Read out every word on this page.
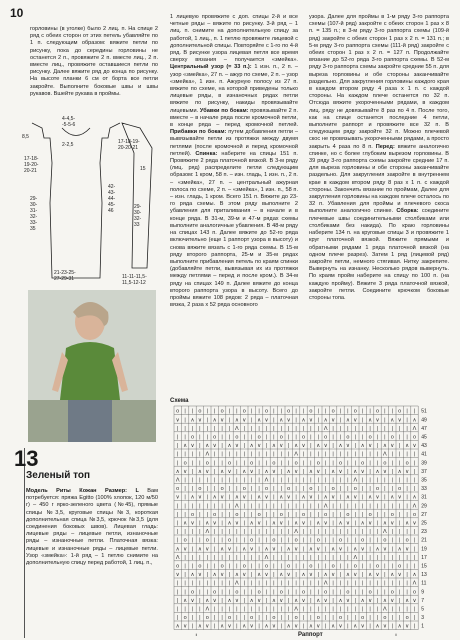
10
горловины (в уголке) было 2 лиц. п. На спице 2 ряд с обеих сторон от этих петель убавляйте по 1 п. следующим образом: вяжите петли по рисунку, пока до середины горловины не останется 2 п., провяжите 2 п. вместе лиц., 2 п. вместе лиц., провяжите оставшиеся петли по рисунку. Далее вяжите ряд до конца по рисунку. На высоте планки 6 см от борта все петли закройте. Выполните боковые швы и швы рукавов. Вшейте рукава в проймы.
4-4,5--5-5-6
8,5
2-2,5
17-18-19-20-20-21
29-30-31-32-33-35
21-23-25-27-29-31
17-18-19-20-20-21
42-43-44-45-46
29-30-32-33
11-11-11,5-11,5-12-12
15
13
Зеленый топ
1 лицевую провяжите с доп. спицы 2-й и все четные ряды – вяжите по рисунку. 3-й ряд – 1 лиц. п. снимите на дополнительную спицу за работой, 1 лиц., п. 1 петлю провяжите лицевой с дополнительной спицы. Повторяйте с 1-го по 4-й ряд. В рисунке узора лицевая петля все время сверху вязания – получается «змейка». Центральный узор (= 33 п.): 1 изн. п., 2 п. – узор «змейка», 27 п. – ажур по схеме, 2 п. – узор «змейка», 1 изн. п. Ажурную полосу из 27 п. вяжите по схеме, на которой приведены только лицевые ряды, в изнаночных рядах петли вяжите по рисунку, накиды провязывайте лицевыми. Убавки по бокам: провязывайте 2 п. вместе – в начале ряда после кромочной петли, в конце ряда – перед кромочной петлей. Прибавки по бокам: путем добавления петли – вывязывайте петли из протяжки между двумя петлями (после кромочной и перед кромочной петлей). Спинка: наберите на спицы 151 п. Провяжите 2 ряда платочной вязкой. В 3-м ряду (лиц. ряд) распределите петли следующим образом: 1 кром, 58 п. – изн. гладь, 1 изн. п., 2 п. – «змейка», 27 п. – центральный ажурная полоса по схеме, 2 п. – «змейка», 1 изн. п., 58 п. – изн. гладь, 1 кром. Всего 151 п. Вяжите до 23-го ряда схемы. В этом ряду выполните 2 убавления для приталивания – в начале и в конце ряда. В 31-м, 39-м и 47-м рядах схемы выполните аналогичные убавления. В 48-м ряду на спицах 143 п. Далее вяжите до 52-го ряда включительно (еще 1 раппорт узора в высоту) и снова вяжите вязать с 1-го ряда схемы. В 15-м ряду второго раппорта, 25-м и 35-м рядах выполните прибавления петель по краям спинки (добавляйте петли, вывязывая их из протяжки между петлями – перед и после кром.). В 34-м ряду на спицах 149 п. Далее вяжите до конца второго раппорта узора в высоту. Всего до проймы вяжите 108 рядов: 2 ряда – платочная вязка, 2 раза х 52 ряда основного
узора. Далее для проймы в 1-м ряду 3-го раппорта схемы (107-й ряд) закройте с обеих сторон 1 раз х 8 п. = 135 п.; в 3-м ряду 3-го раппорта схемы (109-й ряд) закройте с обеих сторон 1 раз х 2 п. = 131 п.; в 5-м ряду 3-го раппорта схемы (111-й ряд) закройте с обеих сторон 1 раз х 2 п. = 127 п. Продолжайте вязание до 52-го ряда 3-го раппорта схемы. В 52-м ряду 3-го раппорта схемы закройте средние 55 п. для выреза горловины и обе стороны заканчивайте раздельно. Для закругления горловины каждого края в каждом втором ряду 4 раза х 1 п. с каждой стороны. На каждом плече останется по 32 п. Отсюда вяжите укороченными рядами, в каждом лиц. ряду не довязывайте 8 раз по 4 п. После того, как на спице останется последние 4 петли, выполните раппорт и провяжите все 32 п. В следующем ряду закройте 32 п. Можно плечевой скос не провязывать укороченными рядами, а просто закрыть 4 раза по 8 п. Перед: вяжите аналогично спинке, но с более глубоким вырезом горловины. В 39 ряду 3-го раппорта схемы закройте средние 17 п. для выреза горловины и обе стороны заканчивайте раздельно. Для закругления закройте в внутреннем крае в каждом втором ряду 8 раз х 1 п. с каждой стороны. Закончить вязание по проймам, Далее для закругления горловины на каждом плече осталось по 32 п. Убавления для проймы и плечевого скоса выполните аналогично спинке. Сборка: соедините плечевые швы соединительными столбиками или столбиками без накида). По краю горловины наберите 134 п. на круговые спицы 3 и провяжите 1 круг платочной вязкой. Вяжите прямыми и обратными рядами 1 ряда платочной вязкой (на одном плече разрез). Затем 1 ряд (лицевой ряд) закройте петли, немного стягивая. Нитку закрепите. Вывернуть на изнанку. Несколько рядов вывернуть. По краям пройм наберите на спицу по 100 п. (на каждую пройму). Вяжите 3 ряда платочной вязкой, закройте петли. Соедините крючком боковые стороны топа.
Модель Риты Кожан Размер: L Вам потребуется: пряжа Egitto (100% хлопок, 120 м/50 г) – 450 г ярко-зеленого цвета (№45), прямые спицы №3,5, круговые спицы №3, короткая дополнительная спица №3,5, крючок №3,5 (для соединения боковых швов). Лицевая гладь: лицевые ряды – лицевые петли, изнаночные ряды – изнаночные петли. Платочная вязка: лицевые и изнаночные ряды – лицевые петли. Узор «змейка»: 1-й ряд – 1 петлю снимите на дополнительную спицу перед работой, 1 лиц. п.,
Схема
o | | o | | o | | o | | o | | o | | o | | o | | o | | o | | o | |
∨ | ∧ ∨ | ∧ ∨ | ∧ ∨ | ∧ ∨ | ∧ ∨ | ∧ ∨ | ∧ ∨ | ∧ ∨ | ∧ ∨ | ∧ ∨ | ∧
| | | | | | | | Λ | | | | | | | | | | | Λ | | | | | | | | | | | Λ
| | o | | o | | o | | o | | o | | o | | o | | o | | o | | o | | o
| ∧ ∨ | ∧ ∨ | ∧ ∨ | ∧ ∨ | ∧ ∨ | ∧ ∨ | ∧ ∨ | ∧ ∨ | ∧ ∨ | ∧ ∨ | ∧ ∨
| | | | Λ | | | | | | | | | | | Λ | | | | | | | | | | | Λ | | | |
| o | | o | | o | | o | | o | | o | | o | | o | | o | | o | | o |
∧ ∨ | ∧ ∨ | ∧ ∨ | ∧ ∨ | ∧ ∨ | ∧ ∨ | ∧ ∨ | ∧ ∨ | ∧ ∨ | ∧ ∨ | ∧ ∨ |
Λ | | | | | | | | | | | Λ | | | | | | | | | | | Λ | | | | | | | |
o | | o | | o | | o | | o | | o | | o | | o | | o | | o | | o | |
∨ | ∧ ∨ | ∧ ∨ | ∧ ∨ | ∧ ∨ | ∧ ∨ | ∧ ∨ | ∧ ∨ | ∧ ∨ | ∧ ∨ | ∧ ∨ | ∧
| | | | | | | | Λ | | | | | | | | | | | Λ | | | | | | | | | | | Λ
| | o | | o | | o | | o | | o | | o | | o | | o | | o | | o | | o
| ∧ ∨ | ∧ ∨ | ∧ ∨ | ∧ ∨ | ∧ ∨ | ∧ ∨ | ∧ ∨ | ∧ ∨ | ∧ ∨ | ∧ ∨ | ∧ ∨
| | | | Λ | | | | | | | | | | | Λ | | | | | | | | | | | Λ | | | |
| o | | o | | o | | o | | o | | o | | o | | o | | o | | o | | o |
∧ ∨ | ∧ ∨ | ∧ ∨ | ∧ ∨ | ∧ ∨ | ∧ ∨ | ∧ ∨ | ∧ ∨ | ∧ ∨ | ∧ ∨ | ∧ ∨ |
Λ | | | | | | | | | | | Λ | | | | | | | | | | | Λ | | | | | | | |
o | | o | | o | | o | | o | | o | | o | | o | | o | | o | | o | |
∨ | ∧ ∨ | ∧ ∨ | ∧ ∨ | ∧ ∨ | ∧ ∨ | ∧ ∨ | ∧ ∨ | ∧ ∨ | ∧ ∨ | ∧ ∨ | ∧
| | | | | | | | Λ | | | | | | | | | | | Λ | | | | | | | | | | | Λ
| | o | | o | | o | | o | | o | | o | | o | | o | | o | | o | | o
| ∧ ∨ | ∧ ∨ | ∧ ∨ | ∧ ∨ | ∧ ∨ | ∧ ∨ | ∧ ∨ | ∧ ∨ | ∧ ∨ | ∧ ∨ | ∧ ∨
| | | | Λ | | | | | | | | | | | Λ | | | | | | | | | | | Λ | | | |
| o | | o | | o | | o | | o | | o | | o | | o | | o | | o | | o |
∧ ∨ | ∧ ∨ | ∧ ∨ | ∧ ∨ | ∧ ∨ | ∧ ∨ | ∧ ∨ | ∧ ∨ | ∧ ∨ | ∧ ∨ | ∧ ∨ |
51
49
47
45
43
41
39
37
35
33
31
29
27
25
23
21
19
17
15
13
11
9
7
5
3
1
Раппорт
